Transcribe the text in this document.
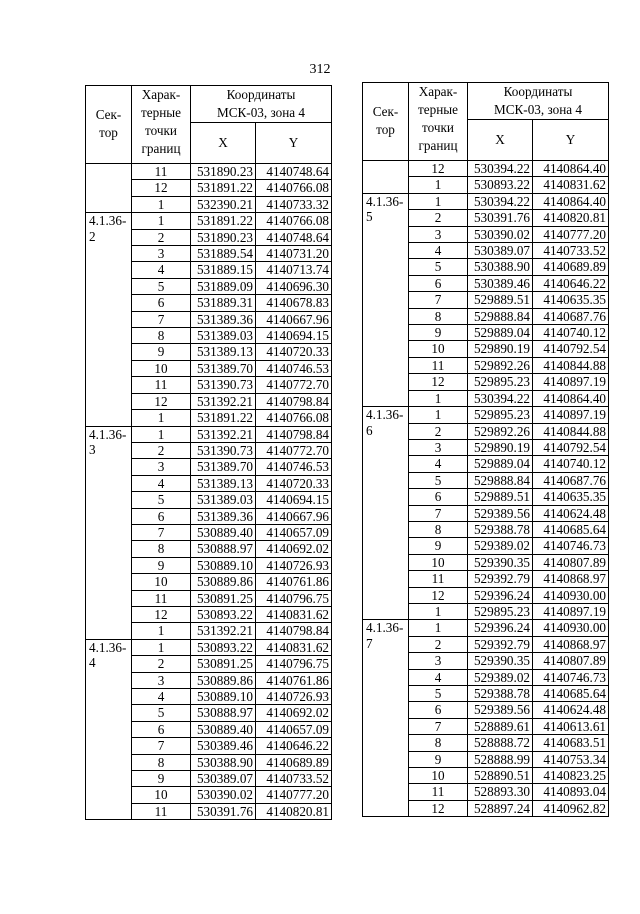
312
Сек-
тор	Харак-
терные
точки
границ	Координаты
МСК-03, зона 4	
		X	Y
	11	531890.23	4140748.64
	12	531891.22	4140766.08
	1	532390.21	4140733.32
4.1.36-
2	1	531891.22	4140766.08
	2	531890.23	4140748.64
	3	531889.54	4140731.20
	4	531889.15	4140713.74
	5	531889.09	4140696.30
	6	531889.31	4140678.83
	7	531389.36	4140667.96
	8	531389.03	4140694.15
	9	531389.13	4140720.33
	10	531389.70	4140746.53
	11	531390.73	4140772.70
	12	531392.21	4140798.84
	1	531891.22	4140766.08
4.1.36-
3	1	531392.21	4140798.84
	2	531390.73	4140772.70
	3	531389.70	4140746.53
	4	531389.13	4140720.33
	5	531389.03	4140694.15
	6	531389.36	4140667.96
	7	530889.40	4140657.09
	8	530888.97	4140692.02
	9	530889.10	4140726.93
	10	530889.86	4140761.86
	11	530891.25	4140796.75
	12	530893.22	4140831.62
	1	531392.21	4140798.84
4.1.36-
4	1	530893.22	4140831.62
	2	530891.25	4140796.75
	3	530889.86	4140761.86
	4	530889.10	4140726.93
	5	530888.97	4140692.02
	6	530889.40	4140657.09
	7	530389.46	4140646.22
	8	530388.90	4140689.89
	9	530389.07	4140733.52
	10	530390.02	4140777.20
	11	530391.76	4140820.81
Сек-
тор	Харак-
терные
точки
границ	Координаты
МСК-03, зона 4	
		X	Y
	12	530394.22	4140864.40
	1	530893.22	4140831.62
4.1.36-
5	1	530394.22	4140864.40
	2	530391.76	4140820.81
	3	530390.02	4140777.20
	4	530389.07	4140733.52
	5	530388.90	4140689.89
	6	530389.46	4140646.22
	7	529889.51	4140635.35
	8	529888.84	4140687.76
	9	529889.04	4140740.12
	10	529890.19	4140792.54
	11	529892.26	4140844.88
	12	529895.23	4140897.19
	1	530394.22	4140864.40
4.1.36-
6	1	529895.23	4140897.19
	2	529892.26	4140844.88
	3	529890.19	4140792.54
	4	529889.04	4140740.12
	5	529888.84	4140687.76
	6	529889.51	4140635.35
	7	529389.56	4140624.48
	8	529388.78	4140685.64
	9	529389.02	4140746.73
	10	529390.35	4140807.89
	11	529392.79	4140868.97
	12	529396.24	4140930.00
	1	529895.23	4140897.19
4.1.36-
7	1	529396.24	4140930.00
	2	529392.79	4140868.97
	3	529390.35	4140807.89
	4	529389.02	4140746.73
	5	529388.78	4140685.64
	6	529389.56	4140624.48
	7	528889.61	4140613.61
	8	528888.72	4140683.51
	9	528888.99	4140753.34
	10	528890.51	4140823.25
	11	528893.30	4140893.04
	12	528897.24	4140962.82
